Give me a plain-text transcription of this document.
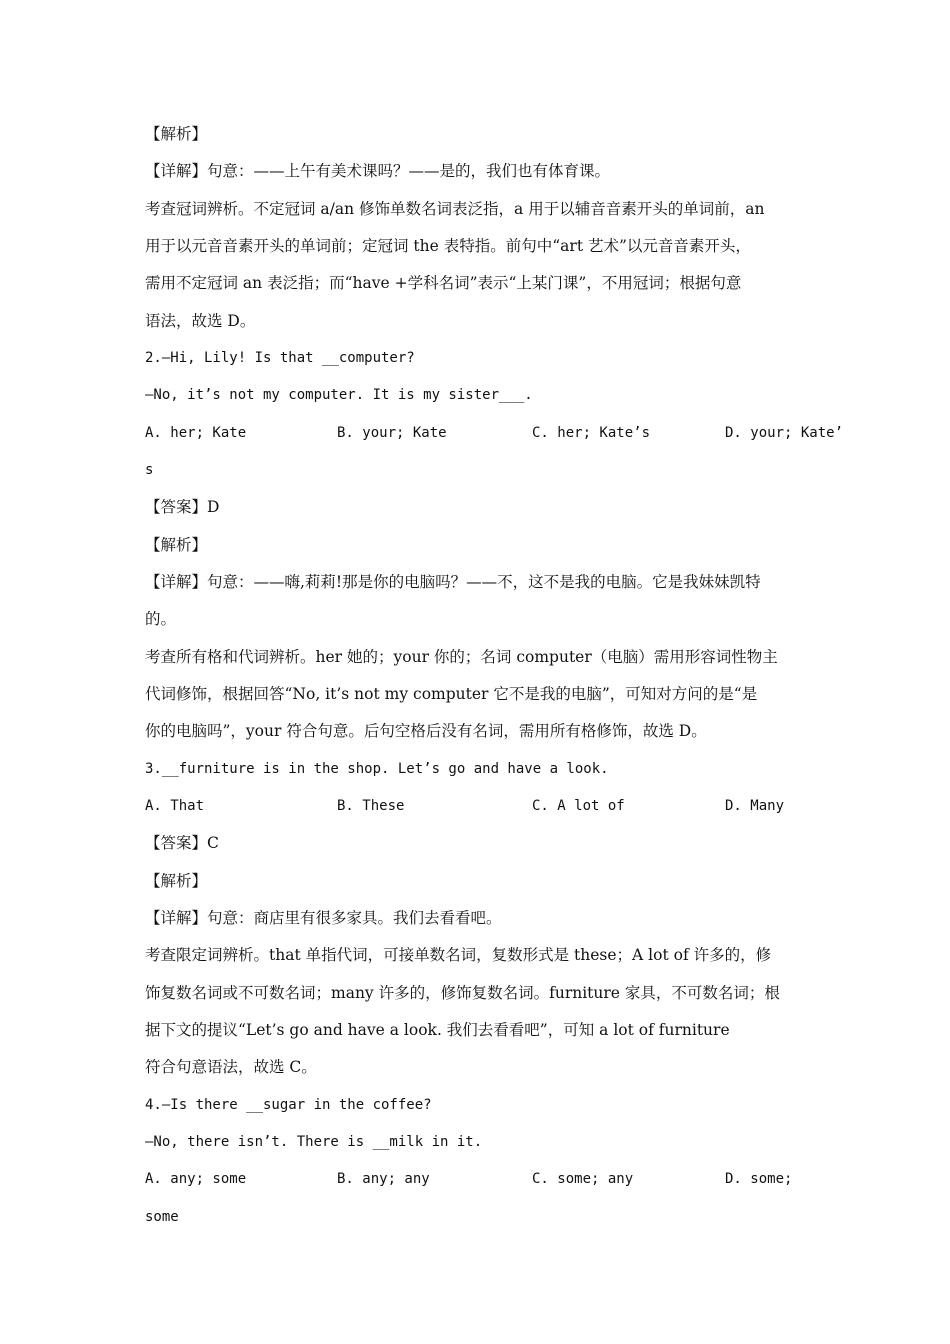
【解析】
【详解】句意：——上午有美术课吗？——是的，我们也有体育课。
考查冠词辨析。不定冠词 a/an 修饰单数名词表泛指，a 用于以辅音音素开头的单词前，an
用于以元音音素开头的单词前；定冠词 the 表特指。前句中“art 艺术”以元音音素开头，
需用不定冠词 an 表泛指；而“have +学科名词”表示“上某门课”，不用冠词；根据句意
语法，故选 D。
2.—Hi, Lily! Is that __computer?
—No, it’s not my computer. It is my sister___.
A. her; Kate	B. your; Kate	C. her; Kate’s	D. your; Kate’
s
【答案】D
【解析】
【详解】句意：——嗨,莉莉!那是你的电脑吗？——不，这不是我的电脑。它是我妹妹凯特
的。
考查所有格和代词辨析。her 她的；your 你的；名词 computer（电脑）需用形容词性物主
代词修饰，根据回答“No, it’s not my computer 它不是我的电脑”，可知对方问的是“是
你的电脑吗”，your 符合句意。后句空格后没有名词，需用所有格修饰，故选 D。
3.__furniture is in the shop. Let’s go and have a look.
A. That	B. These	C. A lot of	D. Many
【答案】C
【解析】
【详解】句意：商店里有很多家具。我们去看看吧。
考查限定词辨析。that 单指代词，可接单数名词，复数形式是 these；A lot of 许多的，修
饰复数名词或不可数名词；many 许多的，修饰复数名词。furniture 家具，不可数名词；根
据下文的提议“Let’s go and have a look. 我们去看看吧”，可知 a lot of furniture
符合句意语法，故选 C。
4.—Is there __sugar in the coffee?
—No, there isn’t. There is __milk in it.
A. any; some	B. any; any	C. some; any	D. some;
some
